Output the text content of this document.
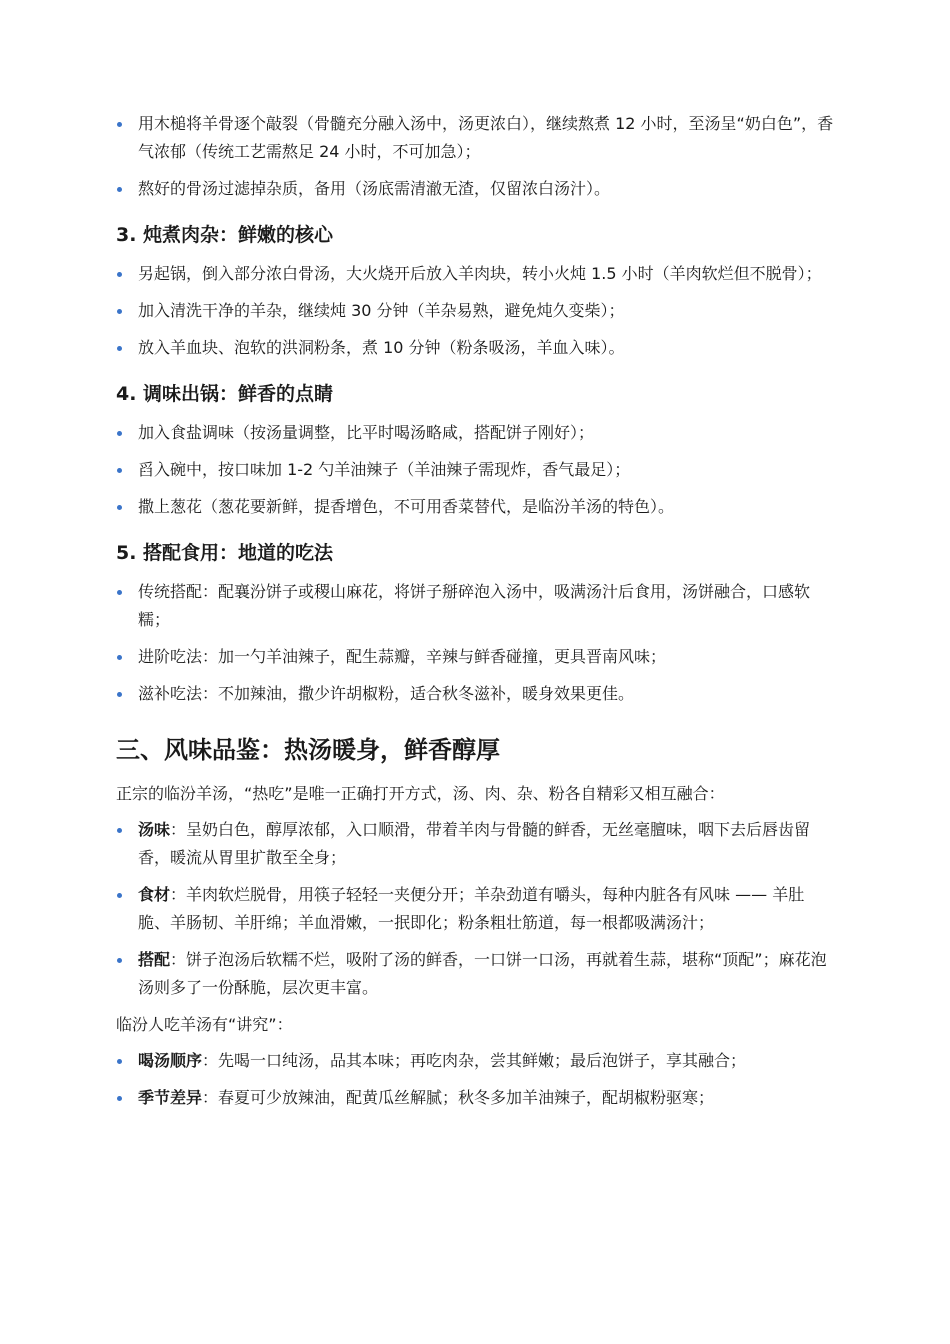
用木槌将羊骨逐个敲裂（骨髓充分融入汤中，汤更浓白），继续熬煮 12 小时，至汤呈“奶白色”，香气浓郁（传统工艺需熬足 24 小时，不可加急）；
熬好的骨汤过滤掉杂质，备用（汤底需清澈无渣，仅留浓白汤汁）。
3. 炖煮肉杂：鲜嫩的核心
另起锅，倒入部分浓白骨汤，大火烧开后放入羊肉块，转小火炖 1.5 小时（羊肉软烂但不脱骨）；
加入清洗干净的羊杂，继续炖 30 分钟（羊杂易熟，避免炖久变柴）；
放入羊血块、泡软的洪洞粉条，煮 10 分钟（粉条吸汤，羊血入味）。
4. 调味出锅：鲜香的点睛
加入食盐调味（按汤量调整，比平时喝汤略咸，搭配饼子刚好）；
舀入碗中，按口味加 1-2 勺羊油辣子（羊油辣子需现炸，香气最足）；
撒上葱花（葱花要新鲜，提香增色，不可用香菜替代，是临汾羊汤的特色）。
5. 搭配食用：地道的吃法
传统搭配：配襄汾饼子或稷山麻花，将饼子掰碎泡入汤中，吸满汤汁后食用，汤饼融合，口感软糯；
进阶吃法：加一勺羊油辣子，配生蒜瓣，辛辣与鲜香碰撞，更具晋南风味；
滋补吃法：不加辣油，撒少许胡椒粉，适合秋冬滋补，暖身效果更佳。
三、风味品鉴：热汤暖身，鲜香醇厚

正宗的临汾羊汤，“热吃”是唯一正确打开方式，汤、肉、杂、粉各自精彩又相互融合：

汤味：呈奶白色，醇厚浓郁，入口顺滑，带着羊肉与骨髓的鲜香，无丝毫膻味，咽下去后唇齿留香，暖流从胃里扩散至全身；
食材：羊肉软烂脱骨，用筷子轻轻一夹便分开；羊杂劲道有嚼头，每种内脏各有风味 —— 羊肚脆、羊肠韧、羊肝绵；羊血滑嫩，一抿即化；粉条粗壮筋道，每一根都吸满汤汁；
搭配：饼子泡汤后软糯不烂，吸附了汤的鲜香，一口饼一口汤，再就着生蒜，堪称“顶配”；麻花泡汤则多了一份酥脆，层次更丰富。

临汾人吃羊汤有“讲究”：

喝汤顺序：先喝一口纯汤，品其本味；再吃肉杂，尝其鲜嫩；最后泡饼子，享其融合；
季节差异：春夏可少放辣油，配黄瓜丝解腻；秋冬多加羊油辣子，配胡椒粉驱寒；
